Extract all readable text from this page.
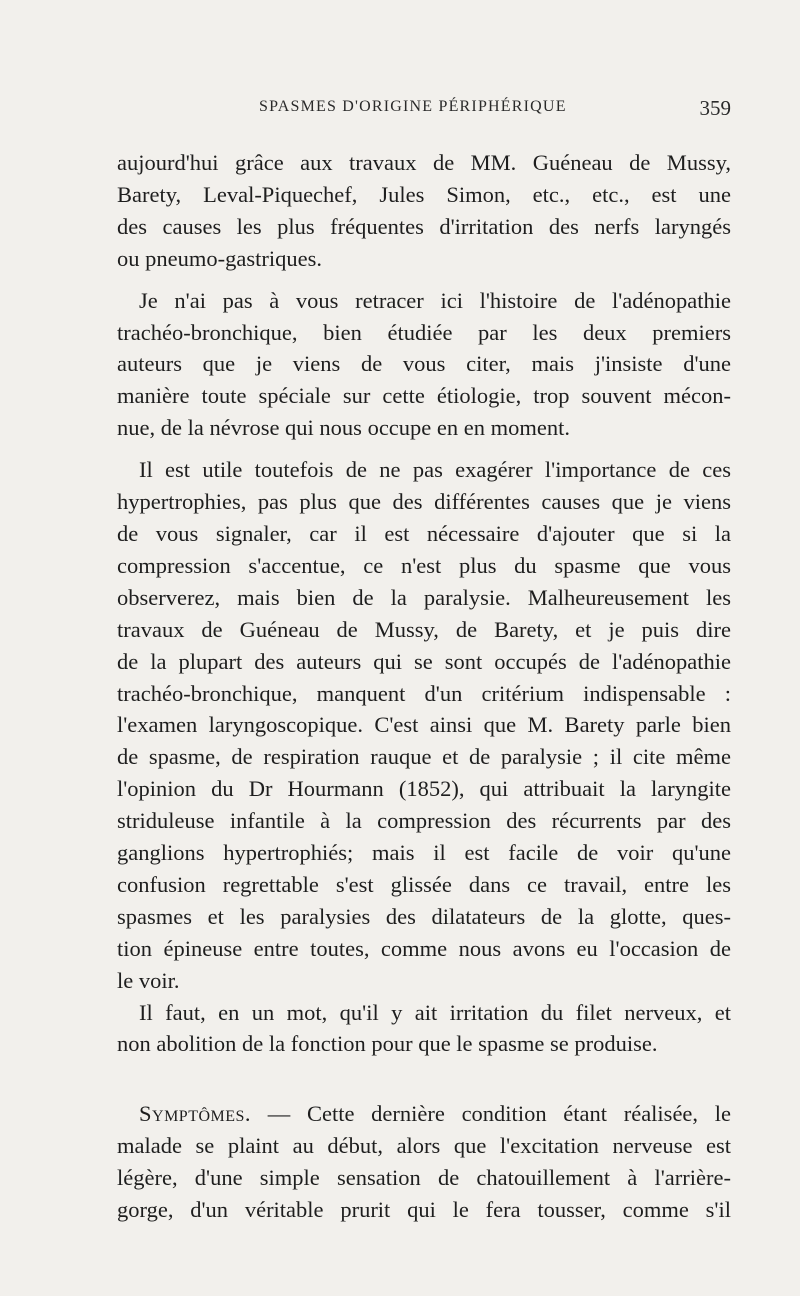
SPASMES D'ORIGINE PÉRIPHÉRIQUE	359
aujourd'hui grâce aux travaux de MM. Guéneau de Mussy,
Barety, Leval-Piquechef, Jules Simon, etc., etc., est une
des causes les plus fréquentes d'irritation des nerfs laryngés
ou pneumo-gastriques.
Je n'ai pas à vous retracer ici l'histoire de l'adénopathie
trachéo-bronchique, bien étudiée par les deux premiers
auteurs que je viens de vous citer, mais j'insiste d'une
manière toute spéciale sur cette étiologie, trop souvent mécon-
nue, de la névrose qui nous occupe en en moment.
Il est utile toutefois de ne pas exagérer l'importance de ces
hypertrophies, pas plus que des différentes causes que je viens
de vous signaler, car il est nécessaire d'ajouter que si la
compression s'accentue, ce n'est plus du spasme que vous
observerez, mais bien de la paralysie. Malheureusement les
travaux de Guéneau de Mussy, de Barety, et je puis dire
de la plupart des auteurs qui se sont occupés de l'adénopathie
trachéo-bronchique, manquent d'un critérium indispensable :
l'examen laryngoscopique. C'est ainsi que M. Barety parle bien
de spasme, de respiration rauque et de paralysie ; il cite même
l'opinion du Dr Hourmann (1852), qui attribuait la laryngite
striduleuse infantile à la compression des récurrents par des
ganglions hypertrophiés; mais il est facile de voir qu'une
confusion regrettable s'est glissée dans ce travail, entre les
spasmes et les paralysies des dilatateurs de la glotte, ques-
tion épineuse entre toutes, comme nous avons eu l'occasion de
le voir.
Il faut, en un mot, qu'il y ait irritation du filet nerveux, et
non abolition de la fonction pour que le spasme se produise.
Symptômes. — Cette dernière condition étant réalisée, le
malade se plaint au début, alors que l'excitation nerveuse est
légère, d'une simple sensation de chatouillement à l'arrière-
gorge, d'un véritable prurit qui le fera tousser, comme s'il
